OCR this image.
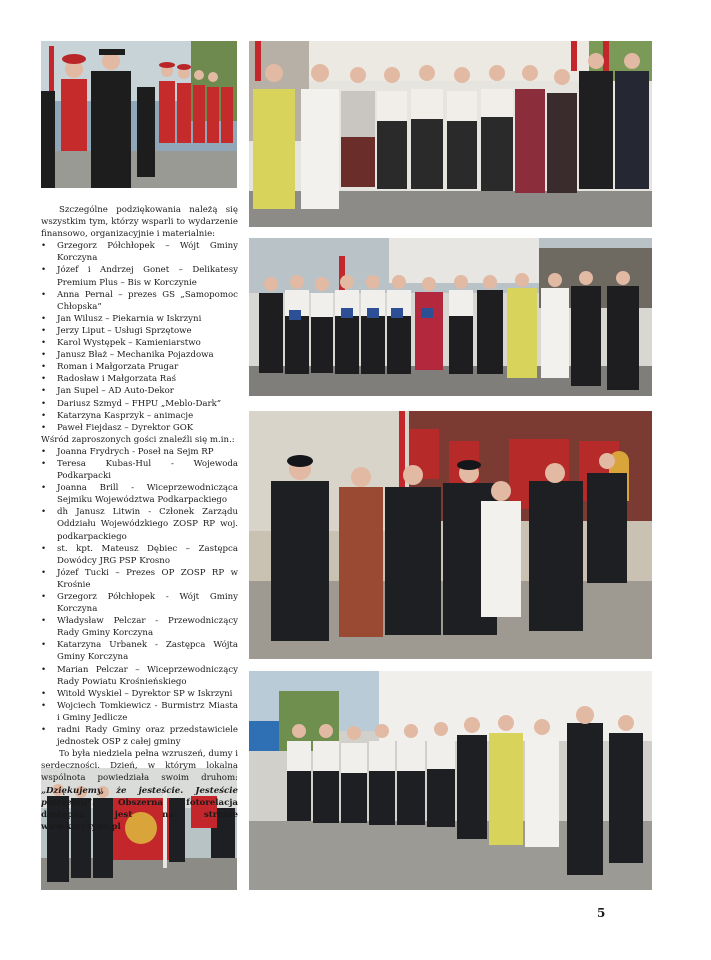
Szczególne podziękowania należą się wszystkim tym, którzy wsparli to wydarzenie finansowo, organizacyjnie i materialnie:

• Grzegorz Półchłopek – Wójt Gminy Korczyna
• Józef i Andrzej Gonet – Delikatesy Premium Plus – Bis w Korczynie
• Anna Pernal – prezes GS „Samopomoc Chłopska”
• Jan Wilusz – Piekarnia w Iskrzyni
• Jerzy Liput – Usługi Sprzętowe
• Karol Występek – Kamieniarstwo
• Janusz Błaż – Mechanika Pojazdowa
• Roman i Małgorzata Prugar
• Radosław i Małgorzata Raś
• Jan Supel – AD Auto-Dekor
• Dariusz Szmyd – FHPU „Meblo-Dark”
• Katarzyna Kasprzyk – animacje
• Paweł Fiejdasz – Dyrektor GOK

Wśród zaproszonych gości znaleźli się m.in.:

• Joanna Frydrych - Poseł na Sejm RP
• Teresa Kubas-Hul - Wojewoda Podkarpacki
• Joanna Brill - Wiceprzewodnicząca Sejmiku Województwa Podkarpackiego
• dh Janusz Litwin - Członek Zarządu Oddziału Wojewódzkiego ZOSP RP woj. podkarpackiego
• st. kpt. Mateusz Dębiec – Zastępca Dowódcy JRG PSP Krosno
• Józef Tucki – Prezes OP ZOSP RP w Krośnie
• Grzegorz Półchłopek - Wójt Gminy Korczyna
• Władysław Pelczar - Przewodniczący Rady Gminy Korczyna
• Katarzyna Urbanek - Zastępca Wójta Gminy Korczyna
• Marian Pelczar – Wiceprzewodniczący Rady Powiatu Krośnieńskiego
• Witold Wyskiel – Dyrektor SP w Iskrzyni
• Wojciech Tomkiewicz - Burmistrz Miasta i Gminy Jedlicze
• radni Rady Gminy oraz przedstawiciele jednostek OSP z całej gminy

To była niedziela pełna wzruszeń, dumy i serdeczności. Dzień, w którym lokalna wspólnota powiedziała swoim druhom: „Dziękujemy, że jesteście. Jesteście potrzebni”.	Obszerna fotorelacja dostępna jest na stronie www.korczyna.pl

5
